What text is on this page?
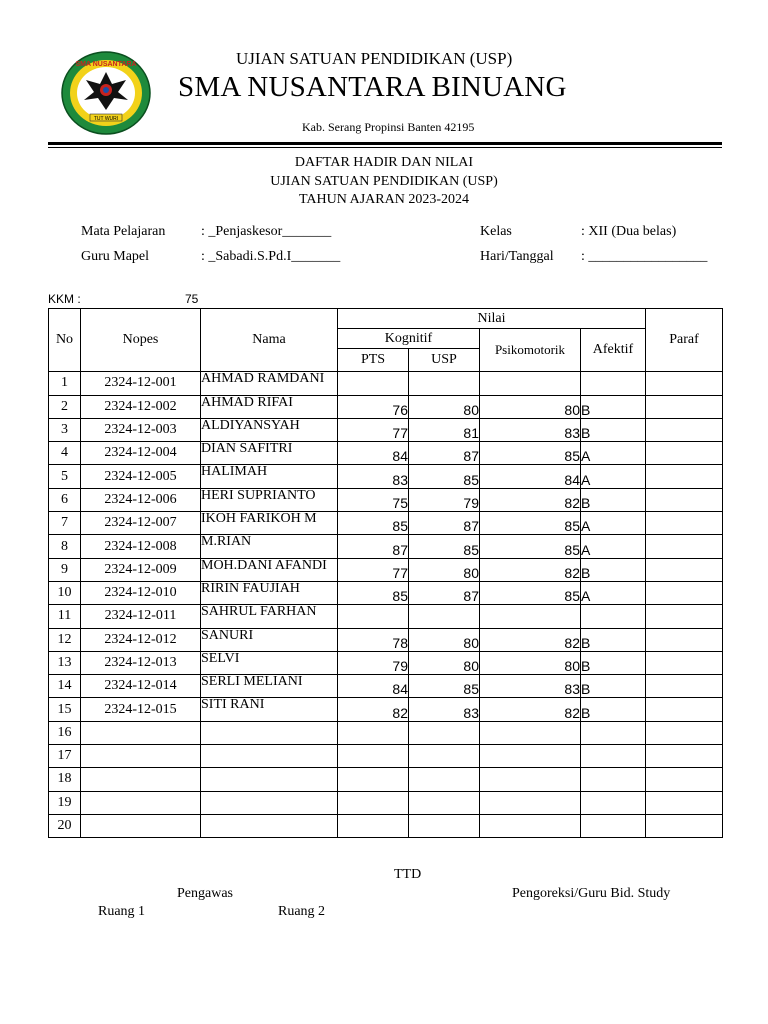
TUT WURI
SMA NUSANTARA	UJIAN SATUAN PENDIDIKAN (USP)
SMA NUSANTARA BINUANG
Kab. Serang Propinsi Banten 42195
DAFTAR HADIR DAN NILAI
UJIAN SATUAN PENDIDIKAN (USP)
TAHUN AJARAN 2023-2024
Mata Pelajaran	: _Penjaskesor_______
Guru Mapel	: _Sabadi.S.Pd.I_______
Kelas	: XII (Dua belas)
Hari/Tanggal : _________________
KKM :	75
No	Nopes	Nama	Nilai				Paraf
			Kognitif		Psikomotorik	Afektif	
			PTS	USP			
1	2324-12-001	AHMAD RAMDANI					
2	2324-12-002	AHMAD RIFAI	76	80	80	B	
3	2324-12-003	ALDIYANSYAH	77	81	83	B	
4	2324-12-004	DIAN SAFITRI	84	87	85	A	
5	2324-12-005	HALIMAH	83	85	84	A	
6	2324-12-006	HERI SUPRIANTO	75	79	82	B	
7	2324-12-007	IKOH FARIKOH M	85	87	85	A	
8	2324-12-008	M.RIAN	87	85	85	A	
9	2324-12-009	MOH.DANI AFANDI	77	80	82	B	
10	2324-12-010	RIRIN FAUJIAH	85	87	85	A	
11	2324-12-011	SAHRUL FARHAN					
12	2324-12-012	SANURI	78	80	82	B	
13	2324-12-013	SELVI	79	80	80	B	
14	2324-12-014	SERLI MELIANI	84	85	83	B	
15	2324-12-015	SITI RANI	82	83	82	B	
16							
17							
18							
19							
20							
TTD
Pengawas	Pengoreksi/Guru Bid. Study
Ruang 1	Ruang 2
